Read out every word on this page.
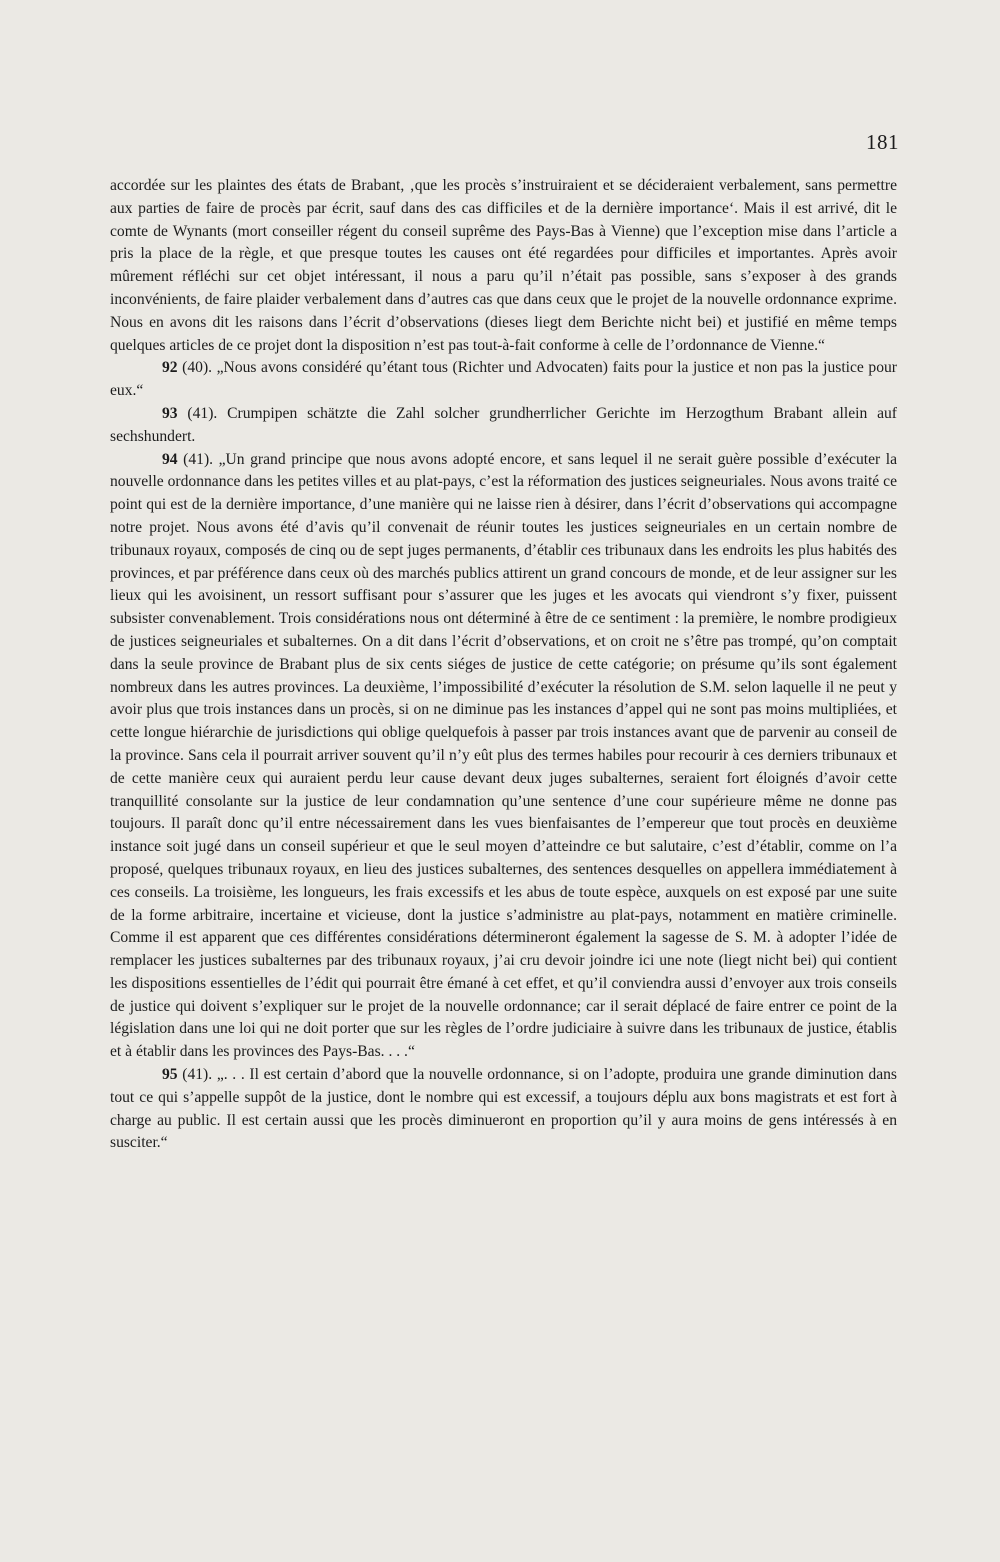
181

accordée sur les plaintes des états de Brabant, ‚que les procès s’instruiraient et se décideraient verbalement, sans permettre aux parties de faire de procès par écrit, sauf dans des cas difficiles et de la dernière importance‘. Mais il est arrivé, dit le comte de Wynants (mort conseiller régent du conseil suprême des Pays-Bas à Vienne) que l’exception mise dans l’article a pris la place de la règle, et que presque toutes les causes ont été regardées pour difficiles et importantes. Après avoir mûrement réfléchi sur cet objet intéressant, il nous a paru qu’il n’était pas possible, sans s’exposer à des grands inconvénients, de faire plaider verbalement dans d’autres cas que dans ceux que le projet de la nouvelle ordonnance exprime. Nous en avons dit les raisons dans l’écrit d’observations (dieses liegt dem Berichte nicht bei) et justifié en même temps quelques articles de ce projet dont la disposition n’est pas tout-à-fait conforme à celle de l’ordonnance de Vienne.“

92 (40). „Nous avons considéré qu’étant tous (Richter und Advocaten) faits pour la justice et non pas la justice pour eux.“

93 (41). Crumpipen schätzte die Zahl solcher grundherrlicher Gerichte im Herzogthum Brabant allein auf sechshundert.

94 (41). „Un grand principe que nous avons adopté encore, et sans lequel il ne serait guère possible d’exécuter la nouvelle ordonnance dans les petites villes et au plat-pays, c’est la réformation des justices seigneuriales. Nous avons traité ce point qui est de la dernière importance, d’une manière qui ne laisse rien à désirer, dans l’écrit d’observations qui accompagne notre projet. Nous avons été d’avis qu’il convenait de réunir toutes les justices seigneuriales en un certain nombre de tribunaux royaux, composés de cinq ou de sept juges permanents, d’établir ces tribunaux dans les endroits les plus habités des provinces, et par préférence dans ceux où des marchés publics attirent un grand concours de monde, et de leur assigner sur les lieux qui les avoisinent, un ressort suffisant pour s’assurer que les juges et les avocats qui viendront s’y fixer, puissent subsister convenablement. Trois considérations nous ont déterminé à être de ce sentiment : la première, le nombre prodigieux de justices seigneuriales et subalternes. On a dit dans l’écrit d’observations, et on croit ne s’être pas trompé, qu’on comptait dans la seule province de Brabant plus de six cents siéges de justice de cette catégorie; on présume qu’ils sont également nombreux dans les autres provinces. La deuxième, l’impossibilité d’exécuter la résolution de S.M. selon laquelle il ne peut y avoir plus que trois instances dans un procès, si on ne diminue pas les instances d’appel qui ne sont pas moins multipliées, et cette longue hiérarchie de jurisdictions qui oblige quelquefois à passer par trois instances avant que de parvenir au conseil de la province. Sans cela il pourrait arriver souvent qu’il n’y eût plus des termes habiles pour recourir à ces derniers tribunaux et de cette manière ceux qui auraient perdu leur cause devant deux juges subalternes, seraient fort éloignés d’avoir cette tranquillité consolante sur la justice de leur condamnation qu’une sentence d’une cour supérieure même ne donne pas toujours. Il paraît donc qu’il entre nécessairement dans les vues bienfaisantes de l’empereur que tout procès en deuxième instance soit jugé dans un conseil supérieur et que le seul moyen d’atteindre ce but salutaire, c’est d’établir, comme on l’a proposé, quelques tribunaux royaux, en lieu des justices subalternes, des sentences desquelles on appellera immédiatement à ces conseils. La troisième, les longueurs, les frais excessifs et les abus de toute espèce, auxquels on est exposé par une suite de la forme arbitraire, incertaine et vicieuse, dont la justice s’administre au plat-pays, notamment en matière criminelle. Comme il est apparent que ces différentes considérations détermineront également la sagesse de S. M. à adopter l’idée de remplacer les justices subalternes par des tribunaux royaux, j’ai cru devoir joindre ici une note (liegt nicht bei) qui contient les dispositions essentielles de l’édit qui pourrait être émané à cet effet, et qu’il conviendra aussi d’envoyer aux trois conseils de justice qui doivent s’expliquer sur le projet de la nouvelle ordonnance; car il serait déplacé de faire entrer ce point de la législation dans une loi qui ne doit porter que sur les règles de l’ordre judiciaire à suivre dans les tribunaux de justice, établis et à établir dans les provinces des Pays-Bas. . . .“

95 (41). „. . . Il est certain d’abord que la nouvelle ordonnance, si on l’adopte, produira une grande diminution dans tout ce qui s’appelle suppôt de la justice, dont le nombre qui est excessif, a toujours déplu aux bons magistrats et est fort à charge au public. Il est certain aussi que les procès diminueront en proportion qu’il y aura moins de gens intéressés à en susciter.“
